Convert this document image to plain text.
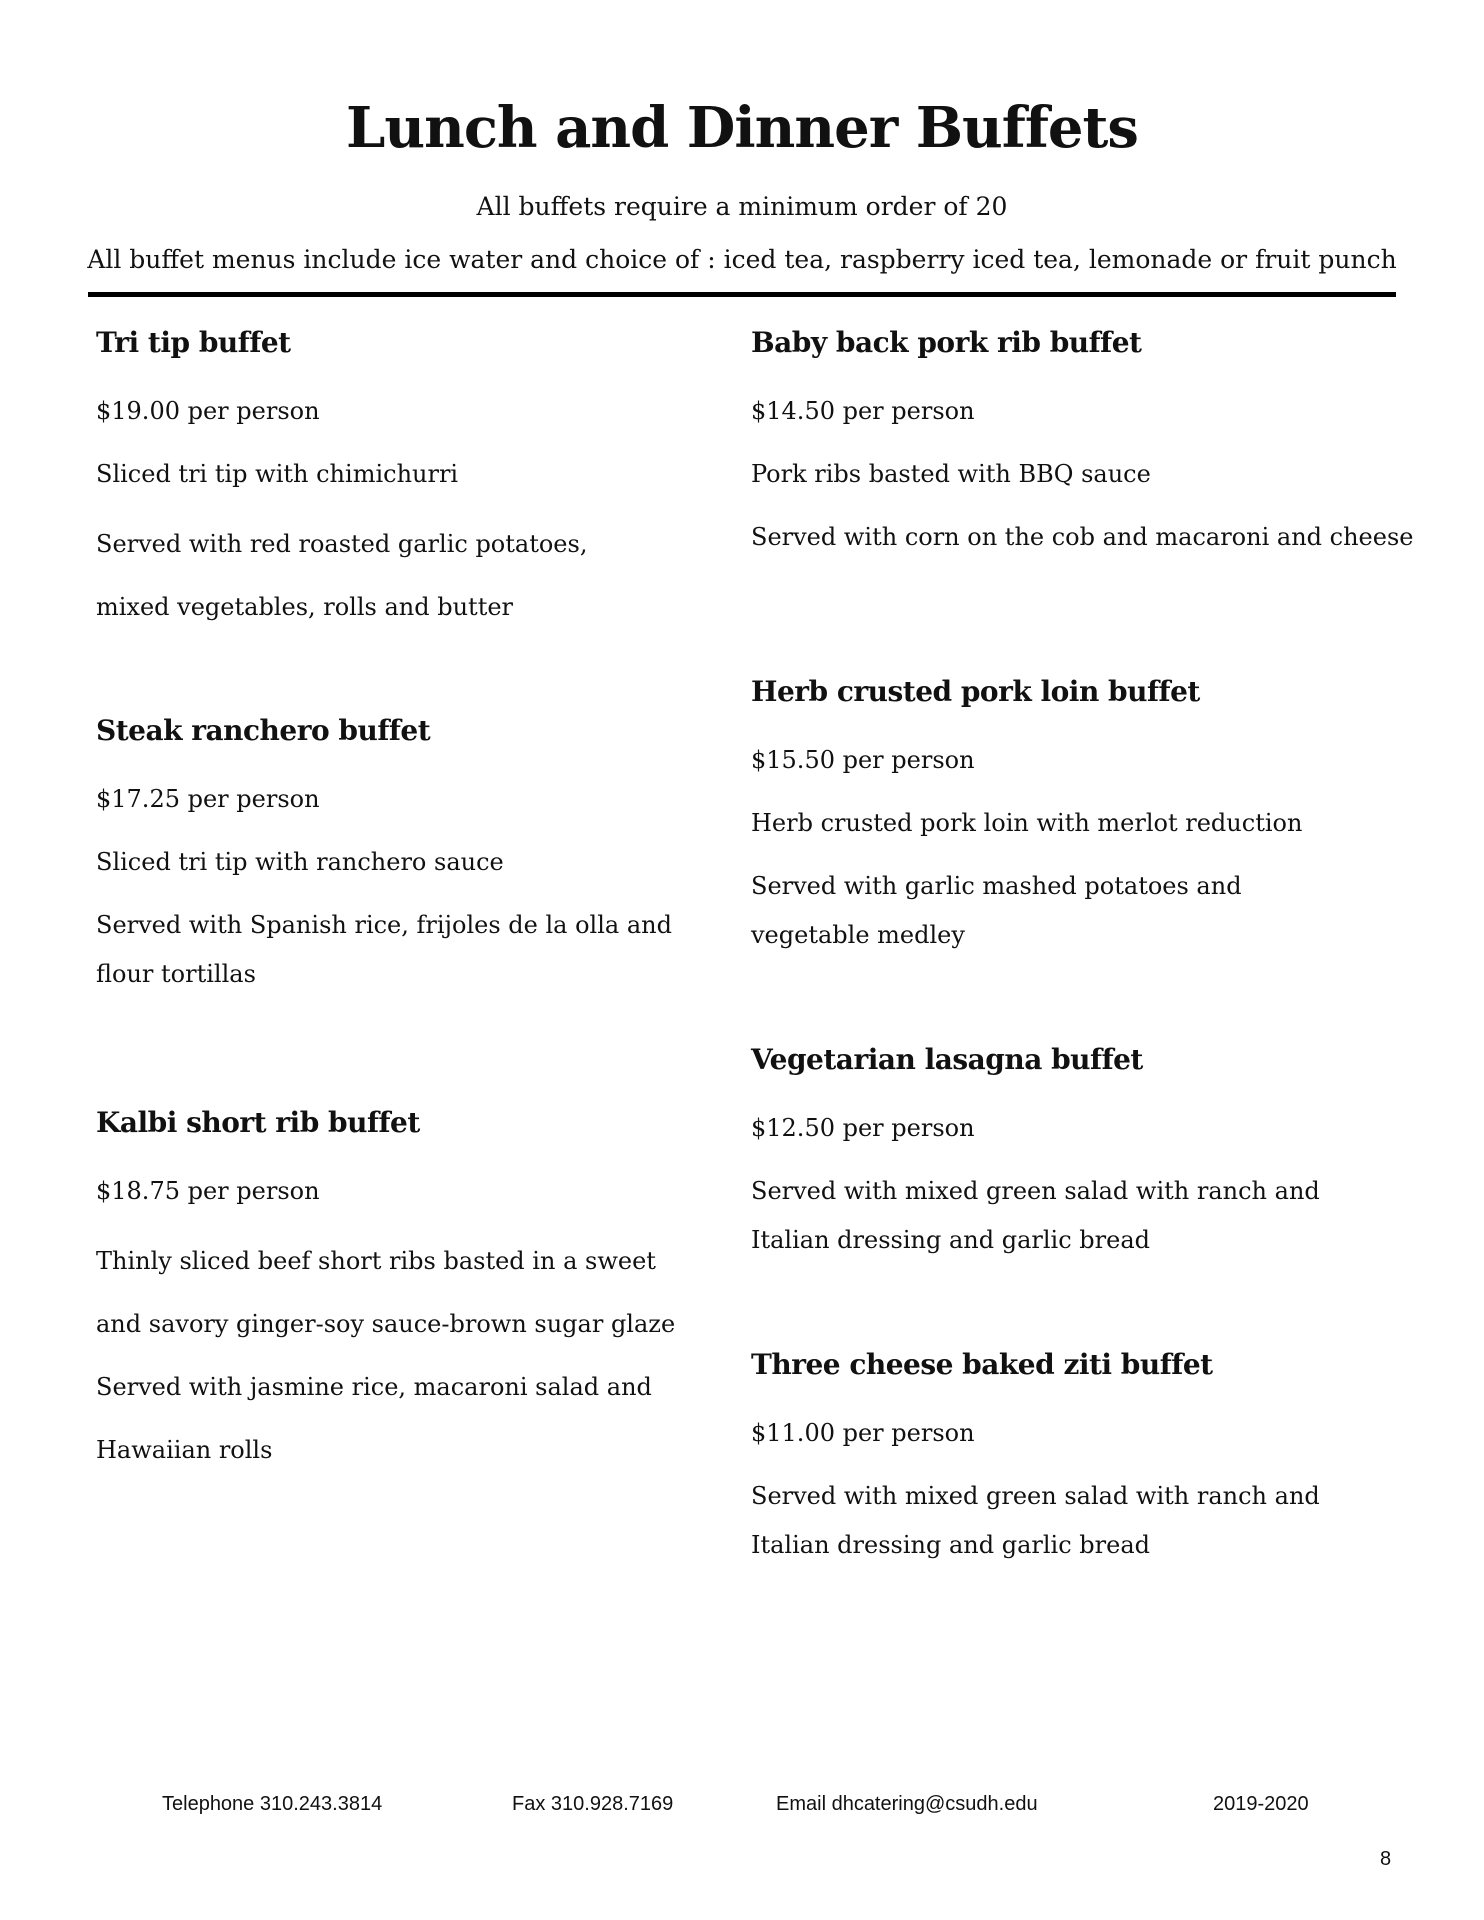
Lunch and Dinner Buffets
All buffets require a minimum order of 20
All buffet menus include ice water and choice of : iced tea, raspberry iced tea, lemonade or fruit punch
Tri tip buffet

$19.00 per person

Sliced tri tip with chimichurri

Served with red roasted garlic potatoes, mixed vegetables, rolls and butter

Steak ranchero buffet

$17.25 per person

Sliced tri tip with ranchero sauce

Served with Spanish rice, frijoles de la olla and flour tortillas

Kalbi short rib buffet

$18.75 per person

Thinly sliced beef short ribs basted in a sweet and savory ginger-soy sauce-brown sugar glaze

Served with jasmine rice, macaroni salad and Hawaiian rolls

Baby back pork rib buffet

$14.50 per person

Pork ribs basted with BBQ sauce

Served with corn on the cob and macaroni and cheese

Herb crusted pork loin buffet

$15.50 per person

Herb crusted pork loin with merlot reduction

Served with garlic mashed potatoes and vegetable medley

Vegetarian lasagna buffet

$12.50 per person

Served with mixed green salad with ranch and Italian dressing and garlic bread

Three cheese baked ziti buffet

$11.00 per person

Served with mixed green salad with ranch and Italian dressing and garlic bread

Telephone 310.243.3814	Fax 310.928.7169	Email dhcatering@csudh.edu	2019-2020
8
